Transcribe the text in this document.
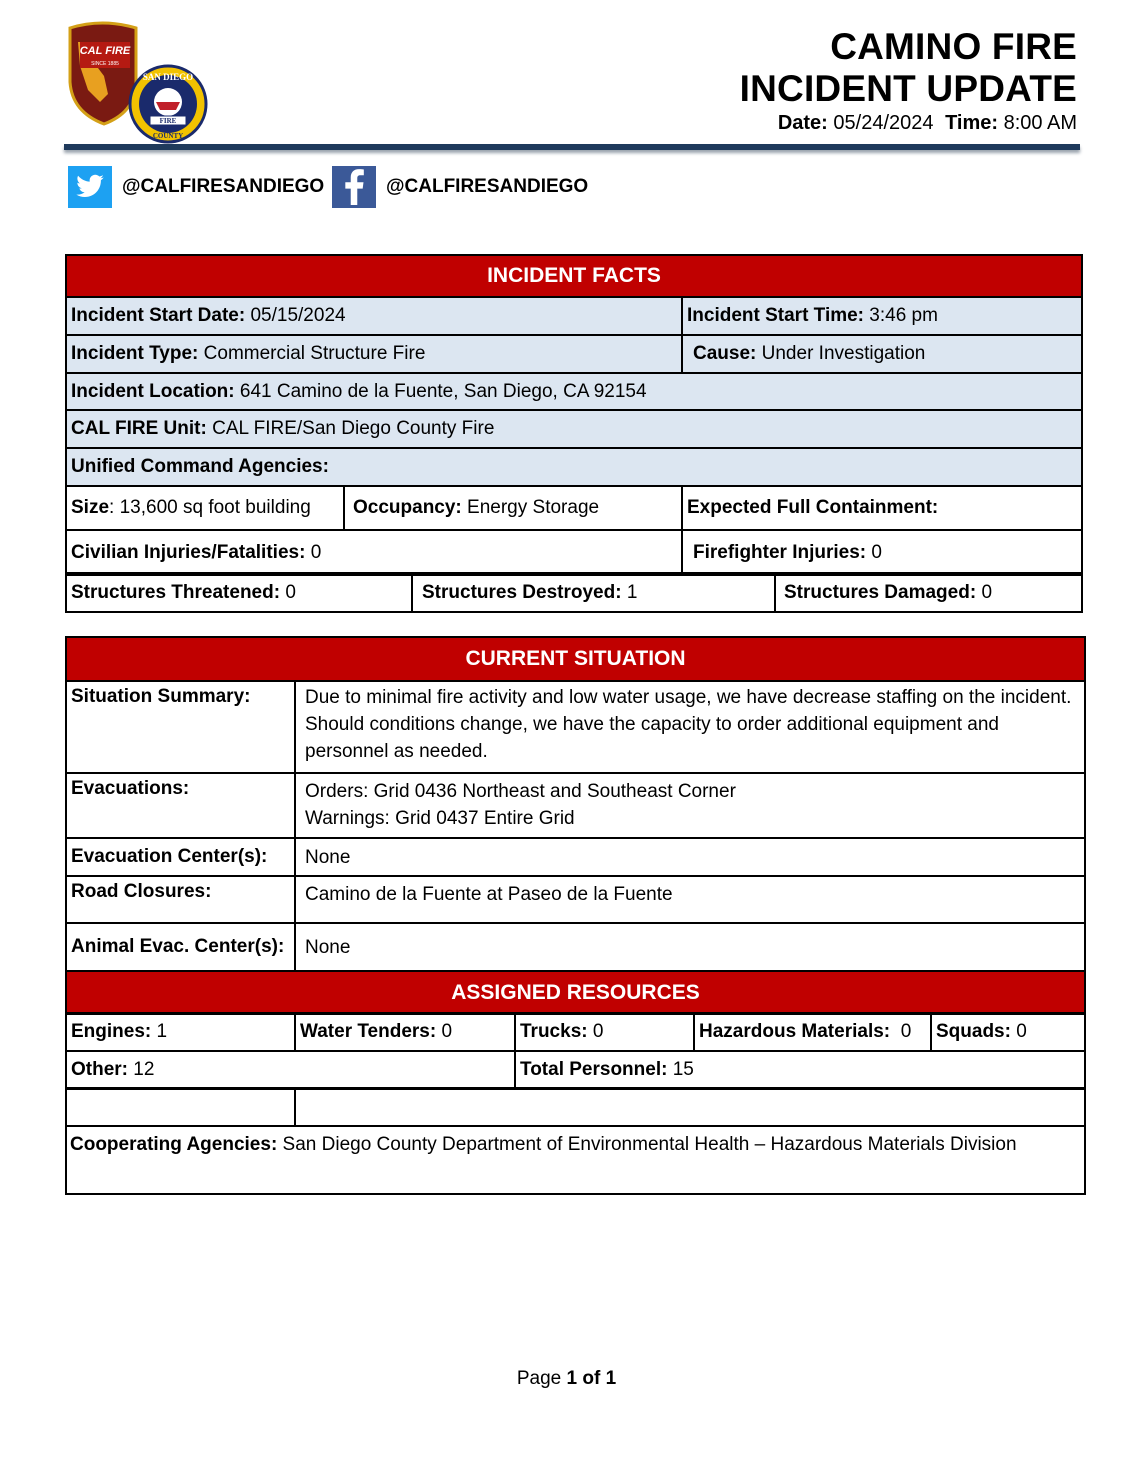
CAL FIRE
SINCE 1885
FIRE
SAN DIEGO
COUNTY
CAMINO FIRE
INCIDENT UPDATE
Date: 05/24/2024 Time: 8:00 AM
@CALFIRESANDIEGO	@CALFIRESANDIEGO
INCIDENT FACTS		
Incident Start Date: 05/15/2024		Incident Start Time: 3:46 pm
Incident Type: Commercial Structure Fire		Cause: Under Investigation
Incident Location: 641 Camino de la Fuente, San Diego, CA 92154		
CAL FIRE Unit: CAL FIRE/San Diego County Fire		
Unified Command Agencies:		
Size: 13,600 sq foot building	Occupancy: Energy Storage	Expected Full Containment:
Civilian Injuries/Fatalities: 0		Firefighter Injuries: 0
Structures Threatened: 0	Structures Destroyed: 1	Structures Damaged: 0
CURRENT SITUATION	
Situation Summary:	Due to minimal fire activity and low water usage, we have decrease staffing on the incident. Should conditions change, we have the capacity to order additional equipment and personnel as needed.
Evacuations:	Orders: Grid 0436 Northeast and Southeast Corner
Warnings: Grid 0437 Entire Grid

Evacuation Center(s):	None
Road Closures:	Camino de la Fuente at Paseo de la Fuente
Animal Evac. Center(s):	None
ASSIGNED RESOURCES	
Engines: 1	Water Tenders: 0	Trucks: 0	Hazardous Materials: 0	Squads: 0
Other: 12		Total Personnel: 15		

Cooperating Agencies: San Diego County Department of Environmental Health – Hazardous Materials Division
Page 1 of 1
